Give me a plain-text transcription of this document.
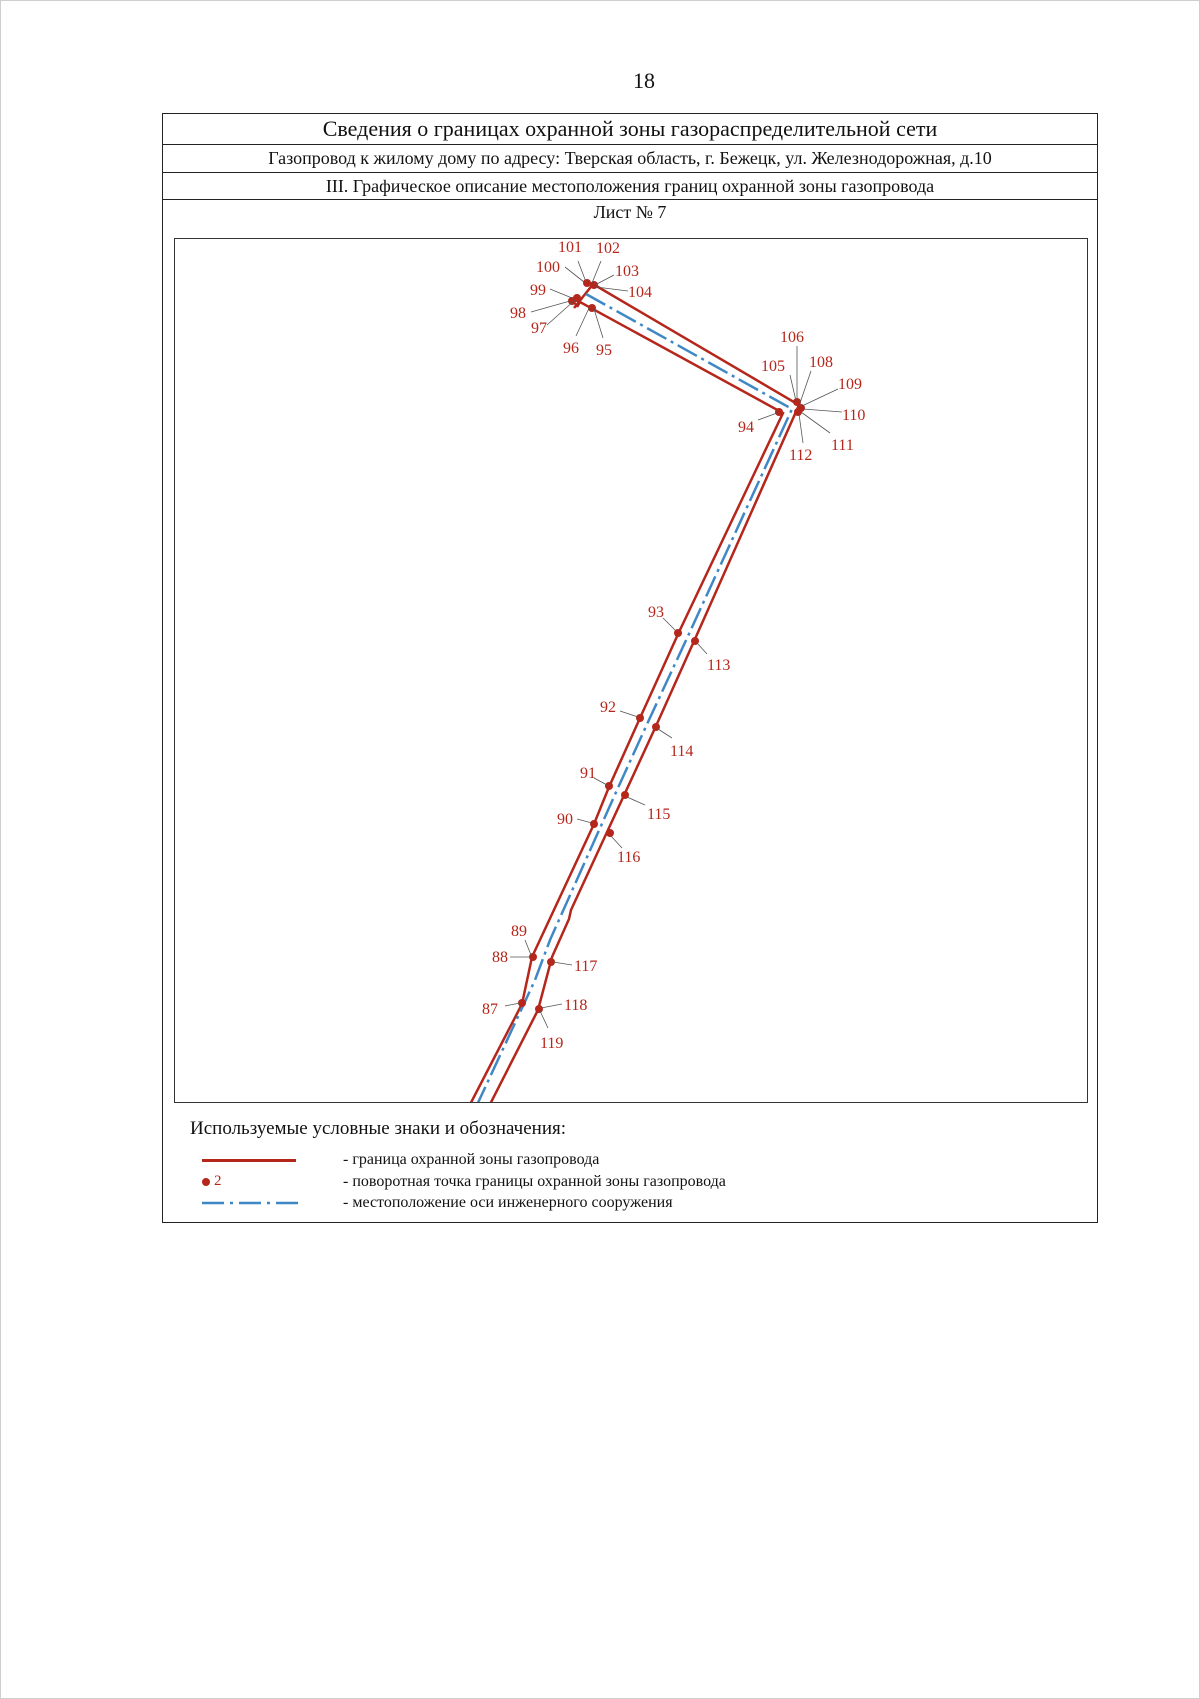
18
Сведения о границах охранной зоны газораспределительной сети
Газопровод к жилому дому по адресу: Тверская область, г. Бежецк, ул. Железнодорожная, д.10
III. Графическое описание местоположения границ охранной зоны газопровода
Лист № 7
87
88
89
90
91
92
93
94
95
96
97
98
99
100
101 102
103
104
105
106
108
109
110
111
112
113
114
115
116
117
118
119
Используемые условные знаки и обозначения:
- граница охранной зоны газопровода
2	- поворотная точка границы охранной зоны газопровода
- местоположение оси инженерного сооружения
